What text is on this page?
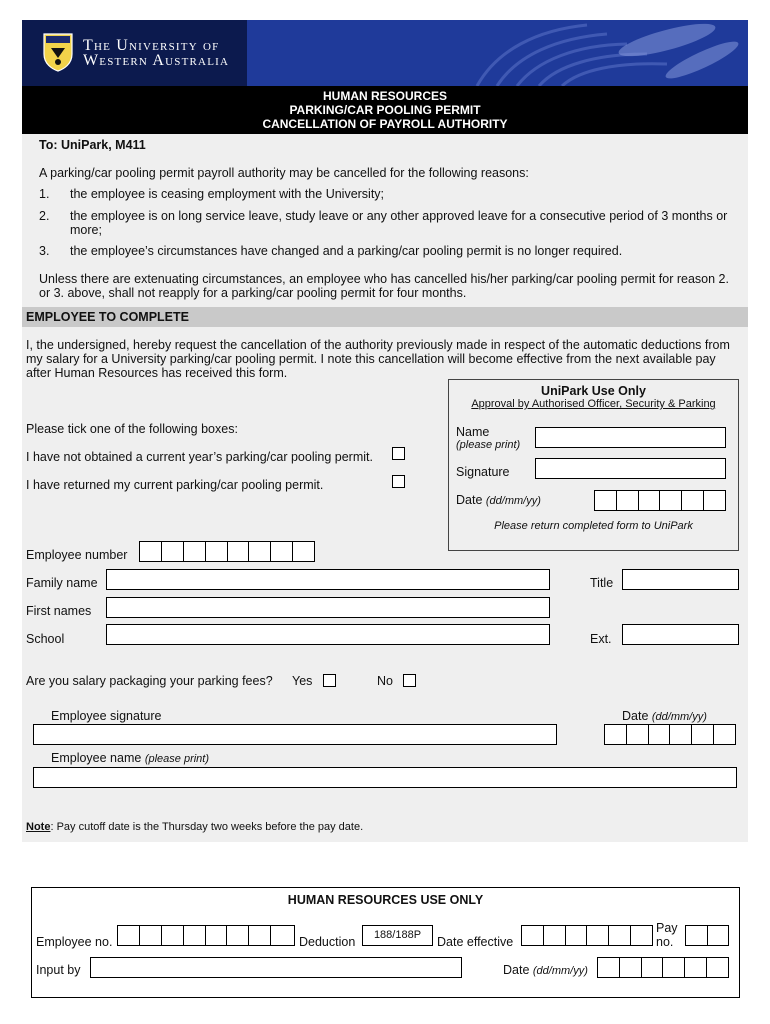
The University of
Western Australia
HUMAN RESOURCES
PARKING/CAR POOLING PERMIT
CANCELLATION OF PAYROLL AUTHORITY
To: UniPark, M411
A parking/car pooling permit payroll authority may be cancelled for the following reasons:
1. the employee is ceasing employment with the University;
2. the employee is on long service leave, study leave or any other approved leave for a consecutive period of 3 months or more;
3. the employee’s circumstances have changed and a parking/car pooling permit is no longer required.
Unless there are extenuating circumstances, an employee who has cancelled his/her parking/car pooling permit for reason 2. or 3. above, shall not reapply for a parking/car pooling permit for four months.
EMPLOYEE TO COMPLETE
I, the undersigned, hereby request the cancellation of the authority previously made in respect of the automatic deductions from my salary for a University parking/car pooling permit. I note this cancellation will become effective from the next available pay after Human Resources has received this form.
Please tick one of the following boxes:
I have not obtained a current year’s parking/car pooling permit.
I have returned my current parking/car pooling permit.
UniPark Use Only
Approval by Authorised Officer, Security & Parking
Name
(please print)
Signature
Date (dd/mm/yy)
Please return completed form to UniPark
Employee number
Family name	Title
First names
School	Ext.
Are you salary packaging your parking fees? Yes	No
Employee signature	Date (dd/mm/yy)
Employee name (please print)
Note: Pay cutoff date is the Thursday two weeks before the pay date.
HUMAN RESOURCES USE ONLY
Employee no.	Deduction	188/188P	Date effective
Pay
no.
Input by	Date (dd/mm/yy)
